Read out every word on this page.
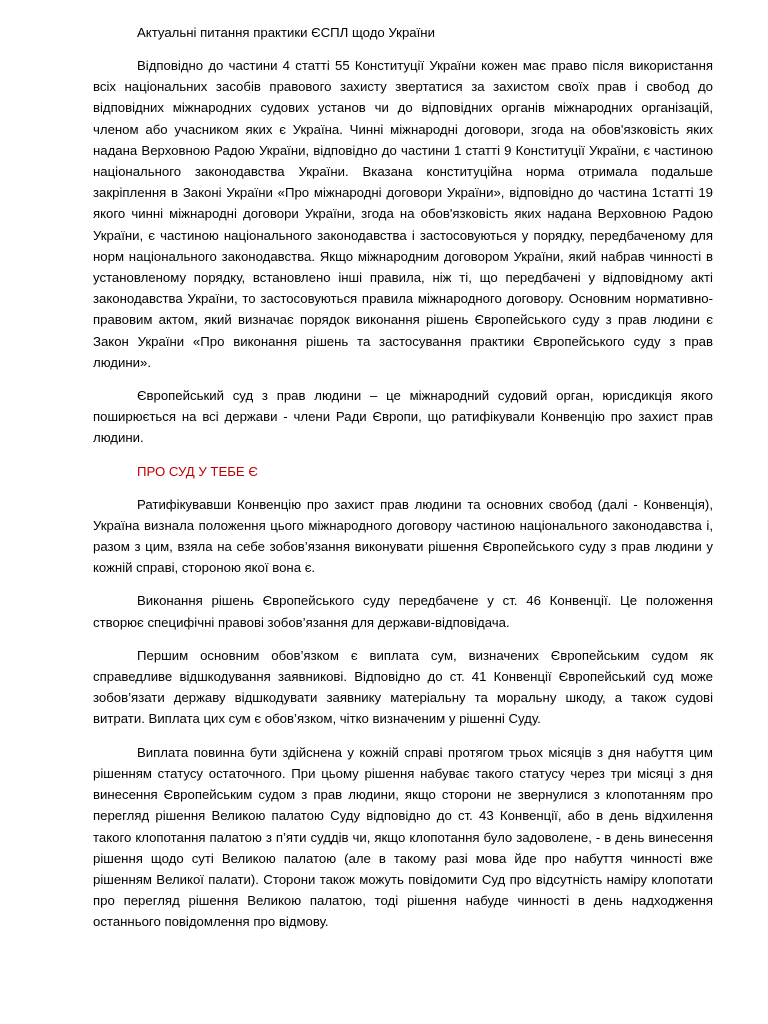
Актуальні питання практики ЄСПЛ щодо України

Відповідно до частини 4 статті 55 Конституції України кожен має право після використання всіх національних засобів правового захисту звертатися за захистом своїх прав і свобод до відповідних міжнародних судових установ чи до відповідних органів міжнародних організацій, членом або учасником яких є Україна. Чинні міжнародні договори, згода на обов'язковість яких надана Верховною Радою України, відповідно до частини 1 статті 9 Конституції України, є частиною національного законодавства України. Вказана конституційна норма отримала подальше закріплення в Законі України «Про міжнародні договори України», відповідно до частина 1статті 19 якого чинні міжнародні договори України, згода на обов'язковість яких надана Верховною Радою України, є частиною національного законодавства і застосовуються у порядку, передбаченому для норм національного законодавства. Якщо міжнародним договором України, який набрав чинності в установленому порядку, встановлено інші правила, ніж ті, що передбачені у відповідному акті законодавства України, то застосовуються правила міжнародного договору. Основним нормативно-правовим актом, який визначає порядок виконання рішень Європейського суду з прав людини є Закон України «Про виконання рішень та застосування практики Європейського суду з прав людини».

Європейський суд з прав людини – це міжнародний судовий орган, юрисдикція якого поширюється на всі держави - члени Ради Європи, що ратифікували Конвенцію про захист прав людини.

ПРО СУД У ТЕБЕ Є

Ратифікувавши Конвенцію про захист прав людини та основних свобод (далі - Конвенція), Україна визнала положення цього міжнародного договору частиною національного законодавства і, разом з цим, взяла на себе зобов’язання виконувати рішення Європейського суду з прав людини у кожній справі, стороною якої вона є.

Виконання рішень Європейського суду передбачене у ст. 46 Конвенції. Це положення створює специфічні правові зобов’язання для держави-відповідача.

Першим основним обов’язком є виплата сум, визначених Європейським судом як справедливе відшкодування заявникові. Відповідно до ст. 41 Конвенції Європейський суд може зобов’язати державу відшкодувати заявнику матеріальну та моральну шкоду, а також судові витрати. Виплата цих сум є обов’язком, чітко визначеним у рішенні Суду.

Виплата повинна бути здійснена у кожній справі протягом трьох місяців з дня набуття цим рішенням статусу остаточного. При цьому рішення набуває такого статусу через три місяці з дня винесення Європейським судом з прав людини, якщо сторони не звернулися з клопотанням про перегляд рішення Великою палатою Суду відповідно до ст. 43 Конвенції, або в день відхилення такого клопотання палатою з п’яти суддів чи, якщо клопотання було задоволене, - в день винесення рішення щодо суті Великою палатою (але в такому разі мова йде про набуття чинності вже рішенням Великої палати). Сторони також можуть повідомити Суд про відсутність наміру клопотати про перегляд рішення Великою палатою, тоді рішення набуде чинності в день надходження останнього повідомлення про відмову.
